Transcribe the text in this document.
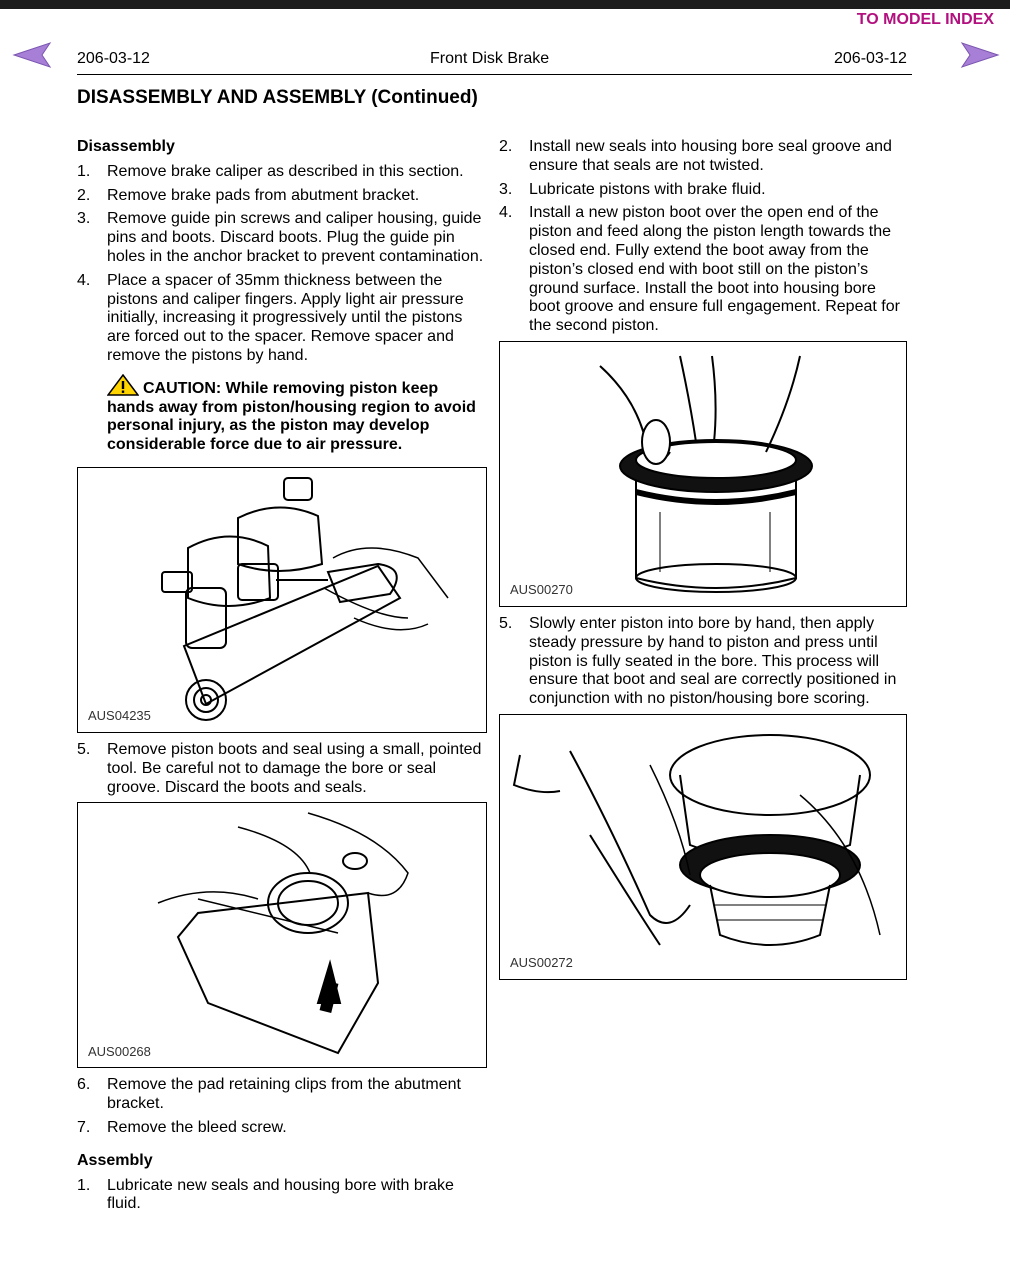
TO MODEL INDEX
206-03-12	Front Disk Brake	206-03-12
DISASSEMBLY AND ASSEMBLY (Continued)

Disassembly

1. Remove brake caliper as described in this section.
2. Remove brake pads from abutment bracket.
3. Remove guide pin screws and caliper housing, guide pins and boots. Discard boots. Plug the guide pin holes in the anchor bracket to prevent contamination.
4. Place a spacer of 35mm thickness between the pistons and caliper fingers. Apply light air pressure initially, increasing it progressively until the pistons are forced out to the spacer. Remove spacer and remove the pistons by hand.
CAUTION: While removing piston keep hands away from piston/housing region to avoid personal injury, as the piston may develop considerable force due to air pressure.
AUS04235
5. Remove piston boots and seal using a small, pointed tool. Be careful not to damage the bore or seal groove. Discard the boots and seals.
AUS00268
6. Remove the pad retaining clips from the abutment bracket.
7. Remove the bleed screw.

Assembly

1. Lubricate new seals and housing bore with brake fluid.
2. Install new seals into housing bore seal groove and ensure that seals are not twisted.
3. Lubricate pistons with brake fluid.
4. Install a new piston boot over the open end of the piston and feed along the piston length towards the closed end. Fully extend the boot away from the piston’s closed end with boot still on the piston’s ground surface. Install the boot into housing bore boot groove and ensure full engagement. Repeat for the second piston.
AUS00270
5. Slowly enter piston into bore by hand, then apply steady pressure by hand to piston and press until piston is fully seated in the bore. This process will ensure that boot and seal are correctly positioned in conjunction with no piston/housing bore scoring.
AUS00272
